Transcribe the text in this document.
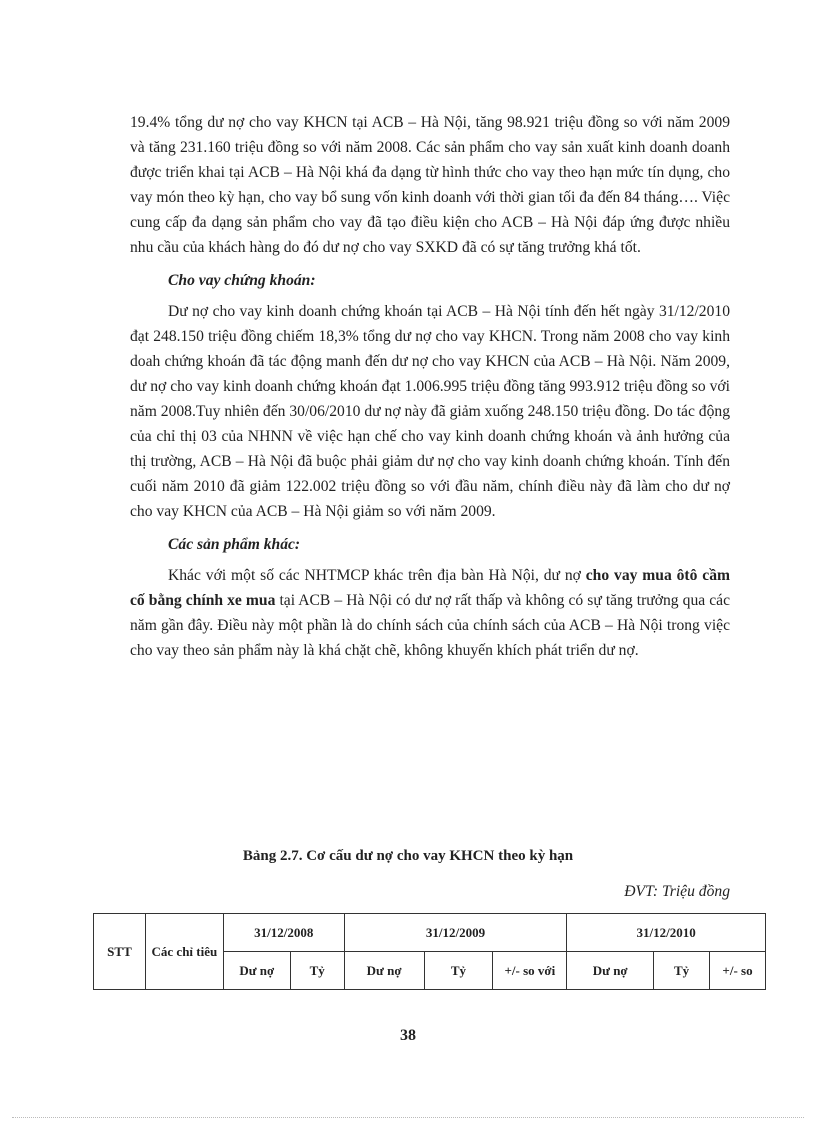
19.4% tổng dư nợ cho vay KHCN tại ACB – Hà Nội, tăng 98.921 triệu đồng so với năm 2009 và tăng 231.160 triệu đồng so với năm 2008. Các sản phẩm cho vay sản xuất kinh doanh doanh được triển khai tại ACB – Hà Nội khá đa dạng từ hình thức cho vay theo hạn mức tín dụng, cho vay món theo kỳ hạn, cho vay bổ sung vốn kinh doanh với thời gian tối đa đến 84 tháng…. Việc cung cấp đa dạng sản phẩm cho vay đã tạo điều kiện cho ACB – Hà Nội đáp ứng được nhiều nhu cầu của khách hàng do đó dư nợ cho vay SXKD đã có sự tăng trưởng khá tốt.

Cho vay chứng khoán:

Dư nợ cho vay kinh doanh chứng khoán tại ACB – Hà Nội tính đến hết ngày 31/12/2010 đạt 248.150 triệu đồng chiếm 18,3% tổng dư nợ cho vay KHCN. Trong năm 2008 cho vay kinh doah chứng khoán đã tác động manh đến dư nợ cho vay KHCN của ACB – Hà Nội. Năm 2009, dư nợ cho vay kinh doanh chứng khoán đạt 1.006.995 triệu đồng tăng 993.912 triệu đồng so với năm 2008.Tuy nhiên đến 30/06/2010 dư nợ này đã giảm xuống 248.150 triệu đồng. Do tác động của chỉ thị 03 của NHNN về việc hạn chế cho vay kinh doanh chứng khoán và ảnh hưởng của thị trường, ACB – Hà Nội đã buộc phải giảm dư nợ cho vay kinh doanh chứng khoán. Tính đến cuối năm 2010 đã giảm 122.002 triệu đồng so với đầu năm, chính điều này đã làm cho dư nợ cho vay KHCN của ACB – Hà Nội giảm so với năm 2009.

Các sản phẩm khác:

Khác với một số các NHTMCP khác trên địa bàn Hà Nội, dư nợ cho vay mua ôtô cầm cố bằng chính xe mua tại ACB – Hà Nội có dư nợ rất thấp và không có sự tăng trưởng qua các năm gần đây. Điều này một phần là do chính sách của chính sách của ACB – Hà Nội trong việc cho vay theo sản phẩm này là khá chặt chẽ, không khuyến khích phát triển dư nợ.

Bảng 2.7. Cơ cấu dư nợ cho vay KHCN theo kỳ hạn
ĐVT: Triệu đồng
STT	Các chỉ tiêu	31/12/2008		31/12/2009			31/12/2010		
		Dư nợ	Tỷ	Dư nợ	Tỷ	+/- so với	Dư nợ	Tỷ	+/- so
38
